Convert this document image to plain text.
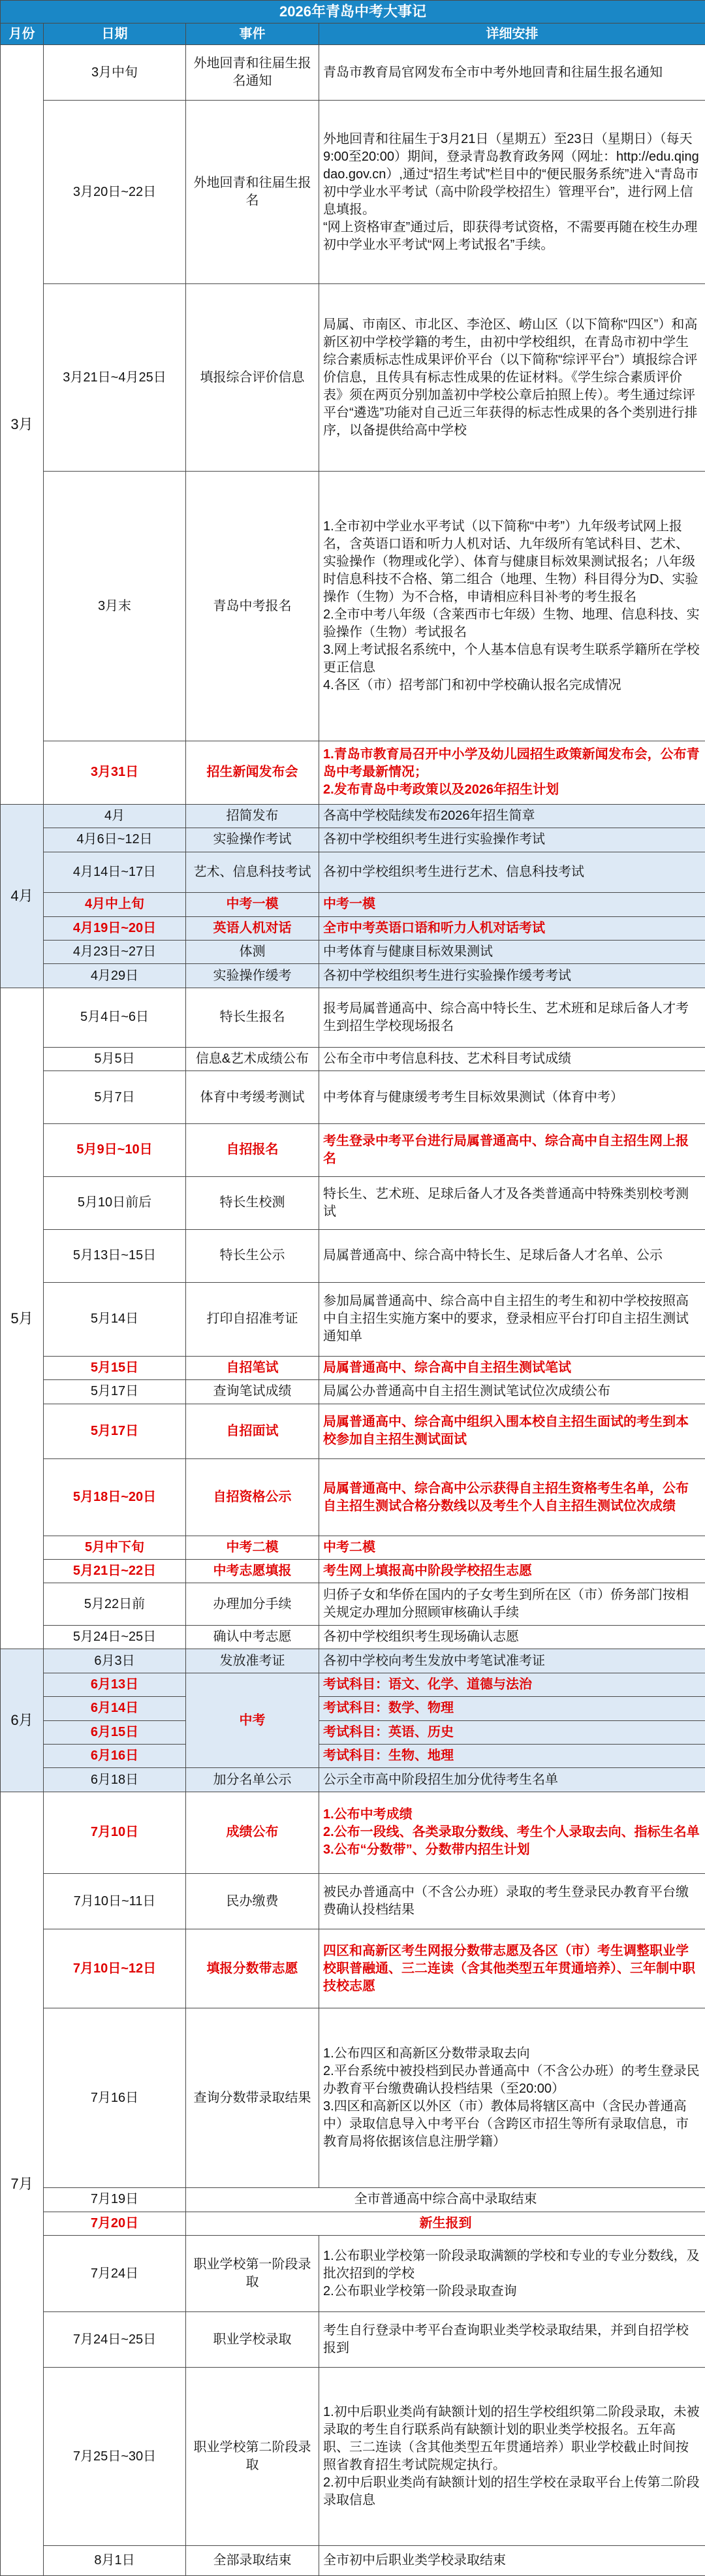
2026年青岛中考大事记			
月份	日期	事件	详细安排
3月	3月中旬	外地回青和往届生报名通知	青岛市教育局官网发布全市中考外地回青和往届生报名通知
	3月20日~22日	外地回青和往届生报名	外地回青和往届生于3月21日（星期五）至23日（星期日）（每天9:00至20:00）期间，登录青岛教育政务网（网址：http://edu.qingdao.gov.cn）,通过“招生考试”栏目中的“便民服务系统”进入“青岛市初中学业水平考试（高中阶段学校招生）管理平台”，进行网上信息填报。
“网上资格审查”通过后，即获得考试资格，不需要再随在校生办理初中学业水平考试“网上考试报名”手续。
	3月21日~4月25日	填报综合评价信息	局属、市南区、市北区、李沧区、崂山区（以下简称“四区”）和高新区初中学校学籍的考生，由初中学校组织，在青岛市初中学生综合素质标志性成果评价平台（以下简称“综评平台”）填报综合评价信息，且传具有标志性成果的佐证材料。《学生综合素质评价表》须在两页分别加盖初中学校公章后拍照上传）。考生通过综评平台“遴选”功能对自己近三年获得的标志性成果的各个类别进行排序，以备提供给高中学校
	3月末	青岛中考报名	1.全市初中学业水平考试（以下简称“中考”）九年级考试网上报名，含英语口语和听力人机对话、九年级所有笔试科目、艺术、实验操作（物理或化学）、体育与健康目标效果测试报名；八年级时信息科技不合格、第二组合（地理、生物）科目得分为D、实验操作（生物）为不合格，申请相应科目补考的考生报名
2.全市中考八年级（含莱西市七年级）生物、地理、信息科技、实验操作（生物）考试报名
3.网上考试报名系统中，个人基本信息有误考生联系学籍所在学校更正信息
4.各区（市）招考部门和初中学校确认报名完成情况
	3月31日	招生新闻发布会	1.青岛市教育局召开中小学及幼儿园招生政策新闻发布会，公布青岛中考最新情况；
2.发布青岛中考政策以及2026年招生计划
4月	4月	招简发布	各高中学校陆续发布2026年招生简章
	4月6日~12日	实验操作考试	各初中学校组织考生进行实验操作考试
	4月14日~17日	艺术、信息科技考试	各初中学校组织考生进行艺术、信息科技考试
	4月中上旬	中考一模	中考一模
	4月19日~20日	英语人机对话	全市中考英语口语和听力人机对话考试
	4月23日~27日	体测	中考体育与健康目标效果测试
	4月29日	实验操作缓考	各初中学校组织考生进行实验操作缓考考试
5月	5月4日~6日	特长生报名	报考局属普通高中、综合高中特长生、艺术班和足球后备人才考生到招生学校现场报名
	5月5日	信息&艺术成绩公布	公布全市中考信息科技、艺术科目考试成绩
	5月7日	体育中考缓考测试	中考体育与健康缓考考生目标效果测试（体育中考）
	5月9日~10日	自招报名	考生登录中考平台进行局属普通高中、综合高中自主招生网上报名
	5月10日前后	特长生校测	特长生、艺术班、足球后备人才及各类普通高中特殊类别校考测试
	5月13日~15日	特长生公示	局属普通高中、综合高中特长生、足球后备人才名单、公示
	5月14日	打印自招准考证	参加局属普通高中、综合高中自主招生的考生和初中学校按照高中自主招生实施方案中的要求，登录相应平台打印自主招生测试通知单
	5月15日	自招笔试	局属普通高中、综合高中自主招生测试笔试
	5月17日	查询笔试成绩	局属公办普通高中自主招生测试笔试位次成绩公布
	5月17日	自招面试	局属普通高中、综合高中组织入围本校自主招生面试的考生到本校参加自主招生测试面试
	5月18日~20日	自招资格公示	局属普通高中、综合高中公示获得自主招生资格考生名单，公布自主招生测试合格分数线以及考生个人自主招生测试位次成绩
	5月中下旬	中考二模	中考二模
	5月21日~22日	中考志愿填报	考生网上填报高中阶段学校招生志愿
	5月22日前	办理加分手续	归侨子女和华侨在国内的子女考生到所在区（市）侨务部门按相关规定办理加分照顾审核确认手续
	5月24日~25日	确认中考志愿	各初中学校组织考生现场确认志愿
6月	6月3日	发放准考证	各初中学校向考生发放中考笔试准考证
	6月13日	中考	考试科目：语文、化学、道德与法治
	6月14日		考试科目：数学、物理
	6月15日		考试科目：英语、历史
	6月16日		考试科目：生物、地理
	6月18日	加分名单公示	公示全市高中阶段招生加分优待考生名单
7月	7月10日	成绩公布	1.公布中考成绩
2.公布一段线、各类录取分数线、考生个人录取去向、指标生名单
3.公布“分数带”、分数带内招生计划
	7月10日~11日	民办缴费	被民办普通高中（不含公办班）录取的考生登录民办教育平台缴费确认投档结果
	7月10日~12日	填报分数带志愿	四区和高新区考生网报分数带志愿及各区（市）考生调整职业学校职普融通、三二连读（含其他类型五年贯通培养）、三年制中职技校志愿
	7月16日	查询分数带录取结果	1.公布四区和高新区分数带录取去向
2.平台系统中被投档到民办普通高中（不含公办班）的考生登录民办教育平台缴费确认投档结果（至20:00）
3.四区和高新区以外区（市）教体局将辖区高中（含民办普通高中）录取信息导入中考平台（含跨区市招生等所有录取信息，市教育局将依据该信息注册学籍）
	7月19日	全市普通高中综合高中录取结束	
	7月20日	新生报到	
	7月24日	职业学校第一阶段录取	1.公布职业学校第一阶段录取满额的学校和专业的专业分数线，及批次招到的学校
2.公布职业学校第一阶段录取查询
	7月24日~25日	职业学校录取	考生自行登录中考平台查询职业类学校录取结果，并到自招学校报到
	7月25日~30日	职业学校第二阶段录取	1.初中后职业类尚有缺额计划的招生学校组织第二阶段录取，未被录取的考生自行联系尚有缺额计划的职业类学校报名。五年高职、三二连读（含其他类型五年贯通培养）职业学校截止时间按照省教育招生考试院规定执行。
2.初中后职业类尚有缺额计划的招生学校在录取平台上传第二阶段录取信息
	8月1日	全部录取结束	全市初中后职业类学校录取结束
